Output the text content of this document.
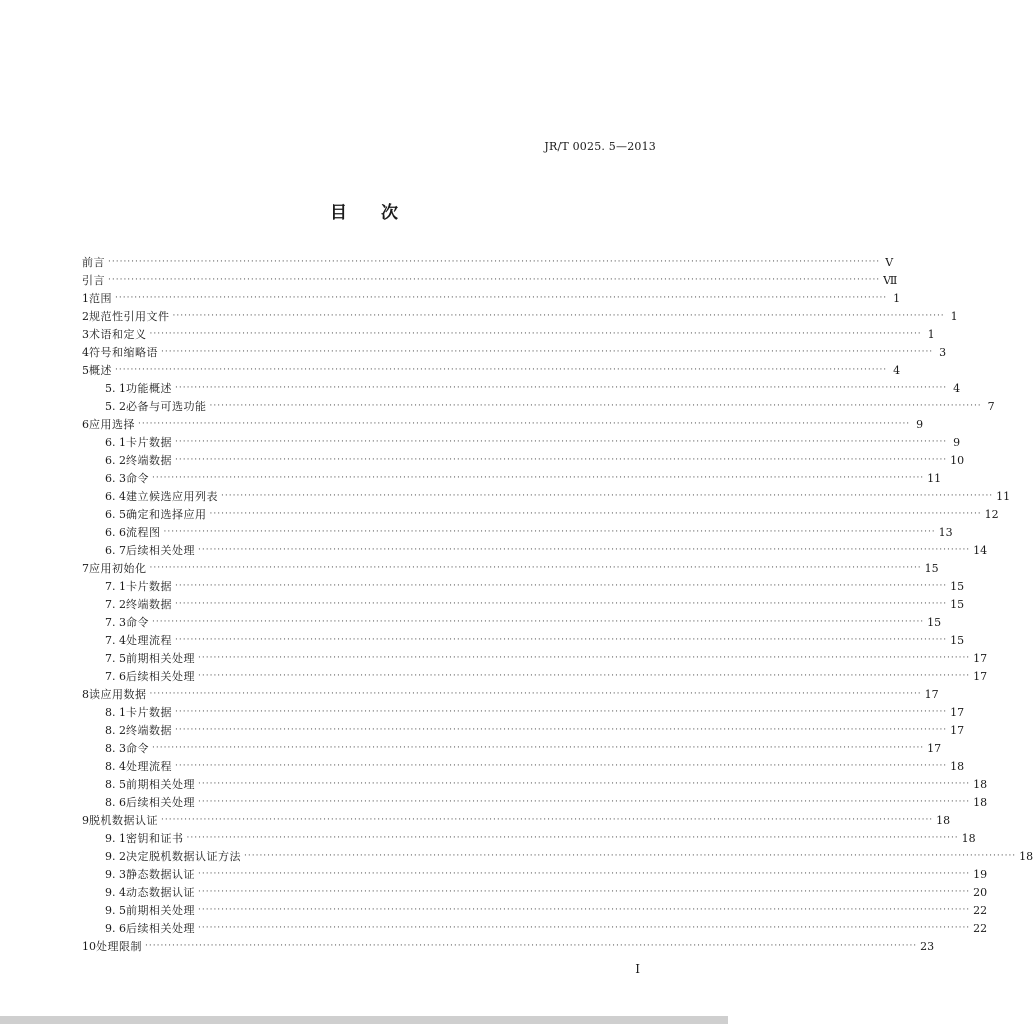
JR/T 0025. 5—2013
目 次
前言 ········································································································································································································ Ⅴ
引言 ········································································································································································································ Ⅶ
1 范围 ········································································································································································································ 1
2 规范性引用文件 ········································································································································································································ 1
3 术语和定义 ········································································································································································································ 1
4 符号和缩略语 ········································································································································································································ 3
5 概述 ········································································································································································································ 4
5. 1 功能概述 ········································································································································································································ 4
5. 2 必备与可选功能 ········································································································································································································ 7
6 应用选择 ········································································································································································································ 9
6. 1 卡片数据 ········································································································································································································ 9
6. 2 终端数据 ········································································································································································································ 10
6. 3 命令 ········································································································································································································ 11
6. 4 建立候选应用列表 ········································································································································································································ 11
6. 5 确定和选择应用 ········································································································································································································ 12
6. 6 流程图 ········································································································································································································ 13
6. 7 后续相关处理 ········································································································································································································ 14
7 应用初始化 ········································································································································································································ 15
7. 1 卡片数据 ········································································································································································································ 15
7. 2 终端数据 ········································································································································································································ 15
7. 3 命令 ········································································································································································································ 15
7. 4 处理流程 ········································································································································································································ 15
7. 5 前期相关处理 ········································································································································································································ 17
7. 6 后续相关处理 ········································································································································································································ 17
8 读应用数据 ········································································································································································································ 17
8. 1 卡片数据 ········································································································································································································ 17
8. 2 终端数据 ········································································································································································································ 17
8. 3 命令 ········································································································································································································ 17
8. 4 处理流程 ········································································································································································································ 18
8. 5 前期相关处理 ········································································································································································································ 18
8. 6 后续相关处理 ········································································································································································································ 18
9 脱机数据认证 ········································································································································································································ 18
9. 1 密钥和证书 ········································································································································································································ 18
9. 2 决定脱机数据认证方法 ········································································································································································································ 18
9. 3 静态数据认证 ········································································································································································································ 19
9. 4 动态数据认证 ········································································································································································································ 20
9. 5 前期相关处理 ········································································································································································································ 22
9. 6 后续相关处理 ········································································································································································································ 22
10 处理限制 ········································································································································································································ 23
I
